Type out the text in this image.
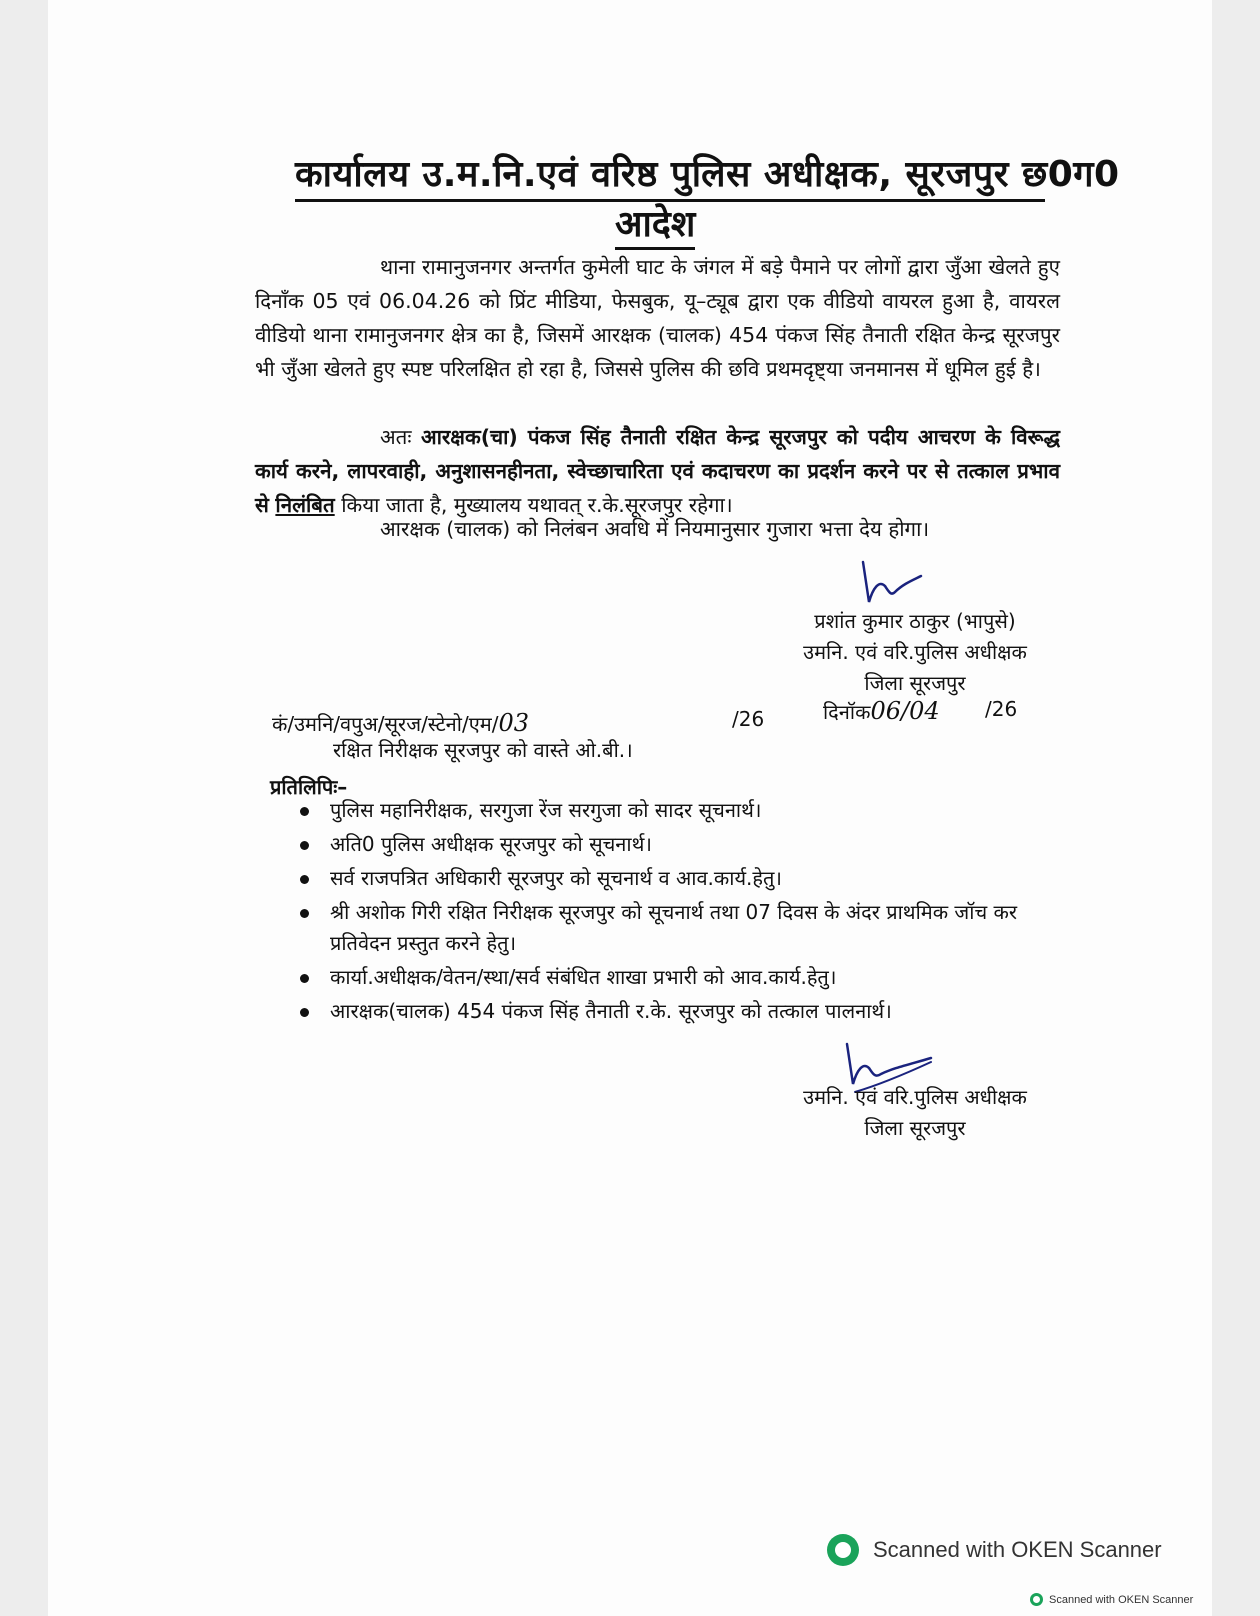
कार्यालय उ.म.नि.एवं वरिष्ठ पुलिस अधीक्षक, सूरजपुर छ0ग0
आदेश
थाना रामानुजनगर अन्तर्गत कुमेली घाट के जंगल में बड़े पैमाने पर लोगों द्वारा जुँआ खेलते हुए दिनाँक 05 एवं 06.04.26 को प्रिंट मीडिया, फेसबुक, यू–ट्यूब द्वारा एक वीडियो वायरल हुआ है, वायरल वीडियो थाना रामानुजनगर क्षेत्र का है, जिसमें आरक्षक (चालक) 454 पंकज सिंह तैनाती रक्षित केन्द्र सूरजपुर भी जुँआ खेलते हुए स्पष्ट परिलक्षित हो रहा है, जिससे पुलिस की छवि प्रथमदृष्ट्या जनमानस में धूमिल हुई है।
अतः आरक्षक(चा) पंकज सिंह तैनाती रक्षित केन्द्र सूरजपुर को पदीय आचरण के विरूद्ध कार्य करने, लापरवाही, अनुशासनहीनता, स्वेच्छाचारिता एवं कदाचरण का प्रदर्शन करने पर से तत्काल प्रभाव से निलंबित किया जाता है, मुख्यालय यथावत् र.के.सूरजपुर रहेगा।
आरक्षक (चालक) को निलंबन अवधि में नियमानुसार गुजारा भत्ता देय होगा।
प्रशांत कुमार ठाकुर (भापुसे)
उमनि. एवं वरि.पुलिस अधीक्षक
जिला सूरजपुर
कं/उमनि/वपुअ/सूरज/स्टेनो/एम/03	/26	दिनॉक06/04 /26
रक्षित निरीक्षक सूरजपुर को वास्ते ओ.बी.।
प्रतिलिपिः–
पुलिस महानिरीक्षक, सरगुजा रेंज सरगुजा को सादर सूचनार्थ।
अति0 पुलिस अधीक्षक सूरजपुर को सूचनार्थ।
सर्व राजपत्रित अधिकारी सूरजपुर को सूचनार्थ व आव.कार्य.हेतु।
श्री अशोक गिरी रक्षित निरीक्षक सूरजपुर को सूचनार्थ तथा 07 दिवस के अंदर प्राथमिक जॉच कर प्रतिवेदन प्रस्तुत करने हेतु।
कार्या.अधीक्षक/वेतन/स्था/सर्व संबंधित शाखा प्रभारी को आव.कार्य.हेतु।
आरक्षक(चालक) 454 पंकज सिंह तैनाती र.के. सूरजपुर को तत्काल पालनार्थ।
उमनि. एवं वरि.पुलिस अधीक्षक
जिला सूरजपुर
Scanned with OKEN Scanner
Scanned with OKEN Scanner
